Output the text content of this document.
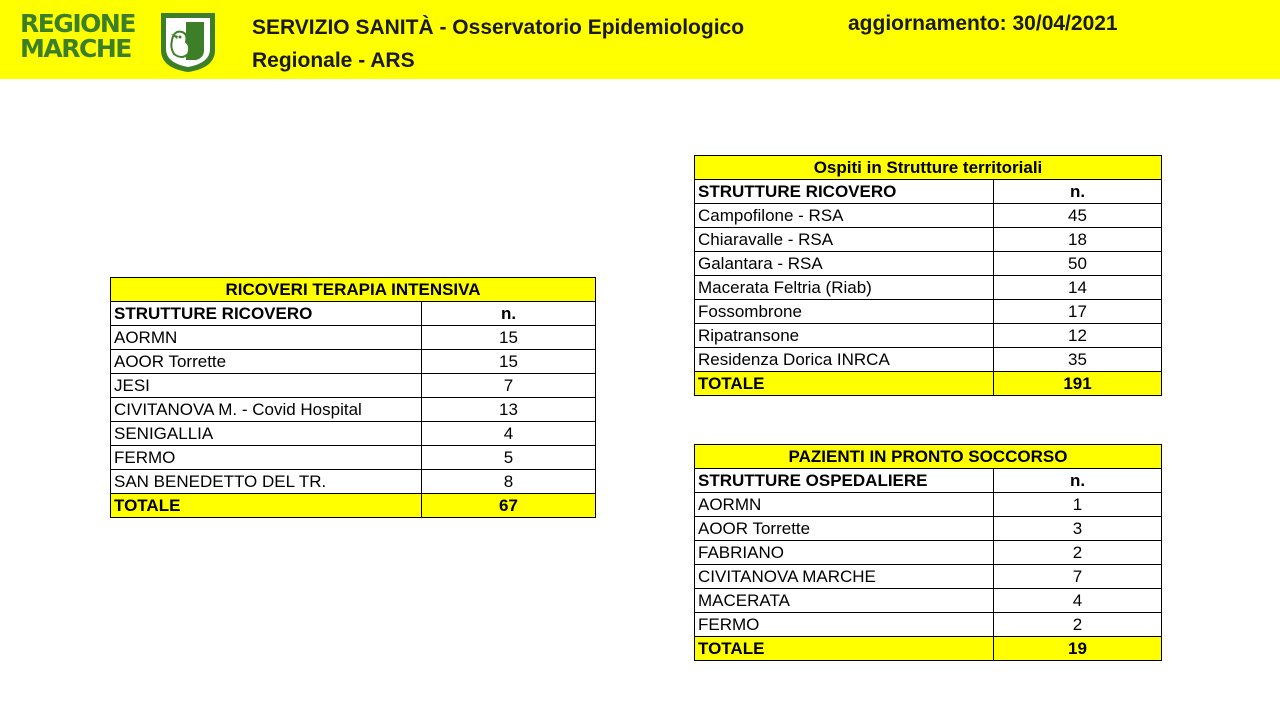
REGIONE
MARCHE
SERVIZIO SANITÀ - Osservatorio Epidemiologico
Regionale - ARS
aggiornamento: 30/04/2021
RICOVERI TERAPIA INTENSIVA	
STRUTTURE RICOVERO	n.
AORMN	15
AOOR Torrette	15
JESI	7
CIVITANOVA M. - Covid Hospital	13
SENIGALLIA	4
FERMO	5
SAN BENEDETTO DEL TR.	8
TOTALE	67
Ospiti in Strutture territoriali	
STRUTTURE RICOVERO	n.
Campofilone - RSA	45
Chiaravalle - RSA	18
Galantara - RSA	50
Macerata Feltria (Riab)	14
Fossombrone	17
Ripatransone	12
Residenza Dorica INRCA	35
TOTALE	191
PAZIENTI IN PRONTO SOCCORSO	
STRUTTURE OSPEDALIERE	n.
AORMN	1
AOOR Torrette	3
FABRIANO	2
CIVITANOVA MARCHE	7
MACERATA	4
FERMO	2
TOTALE	19
